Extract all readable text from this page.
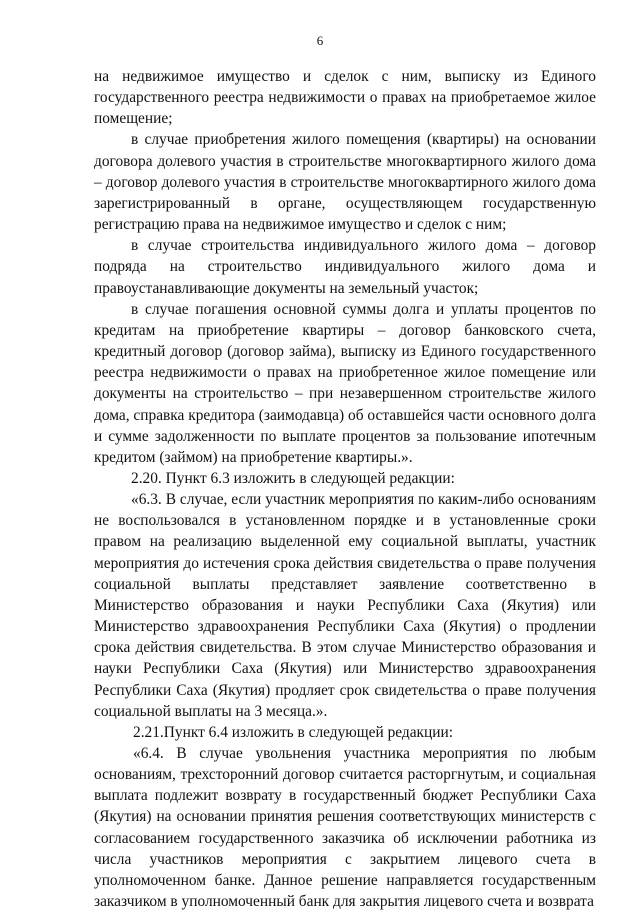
6

на недвижимое имущество и сделок с ним, выписку из Единого государственного реестра недвижимости о правах на приобретаемое жилое помещение;

в случае приобретения жилого помещения (квартиры) на основании договора долевого участия в строительстве многоквартирного жилого дома – договор долевого участия в строительстве многоквартирного жилого дома зарегистрированный в органе, осуществляющем государственную регистрацию права на недвижимое имущество и сделок с ним;

в случае строительства индивидуального жилого дома – договор подряда на строительство индивидуального жилого дома и правоустанавливающие документы на земельный участок;

в случае погашения основной суммы долга и уплаты процентов по кредитам на приобретение квартиры – договор банковского счета, кредитный договор (договор займа), выписку из Единого государственного реестра недвижимости о правах на приобретенное жилое помещение или документы на строительство – при незавершенном строительстве жилого дома, справка кредитора (заимодавца) об оставшейся части основного долга и сумме задолженности по выплате процентов за пользование ипотечным кредитом (займом) на приобретение квартиры.».

2.20. Пункт 6.3 изложить в следующей редакции:

«6.3. В случае, если участник мероприятия по каким-либо основаниям не воспользовался в установленном порядке и в установленные сроки правом на реализацию выделенной ему социальной выплаты, участник мероприятия до истечения срока действия свидетельства о праве получения социальной выплаты представляет заявление соответственно в Министерство образования и науки Республики Саха (Якутия) или Министерство здравоохранения Республики Саха (Якутия) о продлении срока действия свидетельства. В этом случае Министерство образования и науки Республики Саха (Якутия) или Министерство здравоохранения Республики Саха (Якутия) продляет срок свидетельства о праве получения социальной выплаты на 3 месяца.».

2.21.Пункт 6.4 изложить в следующей редакции:

«6.4. В случае увольнения участника мероприятия по любым основаниям, трехсторонний договор считается расторгнутым, и социальная выплата подлежит возврату в государственный бюджет Республики Саха (Якутия) на основании принятия решения соответствующих министерств с согласованием государственного заказчика об исключении работника из числа участников мероприятия с закрытием лицевого счета в уполномоченном банке. Данное решение направляется государственным заказчиком в уполномоченный банк для закрытия лицевого счета и возврата
